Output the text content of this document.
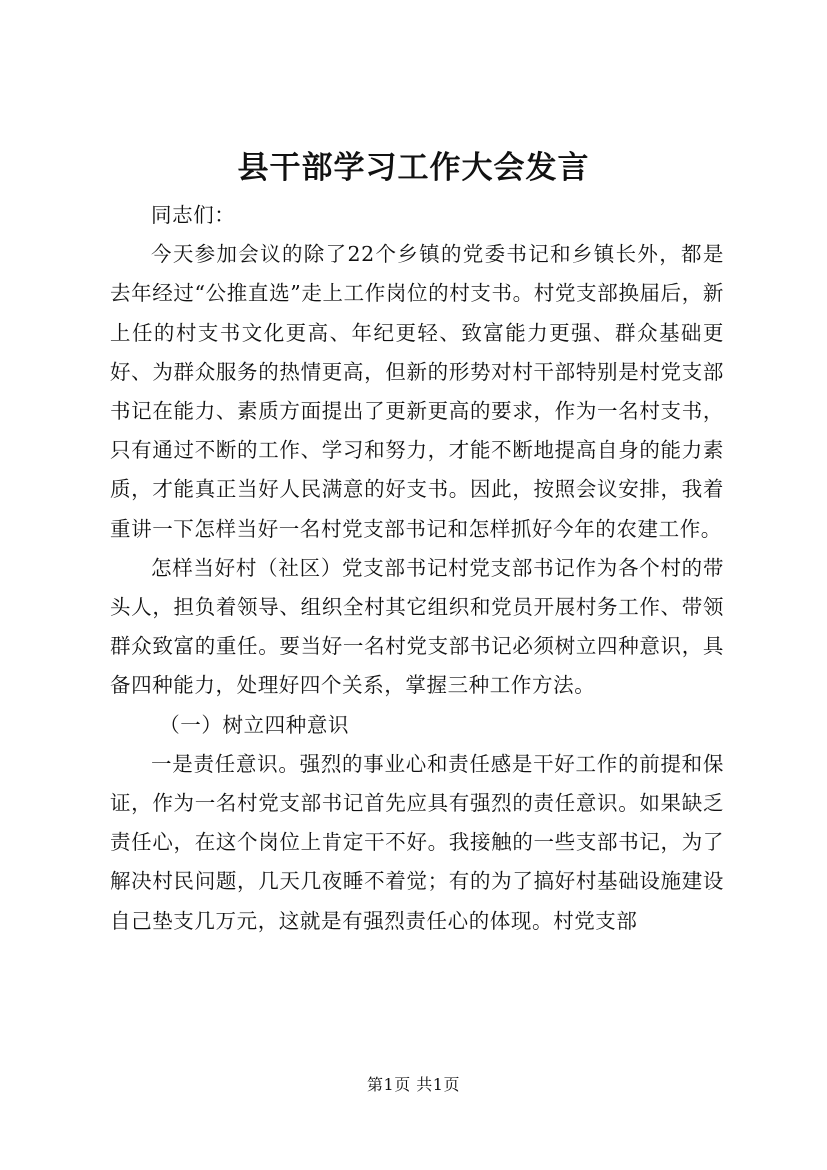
县干部学习工作大会发言

同志们：

今天参加会议的除了22个乡镇的党委书记和乡镇长外，都是去年经过“公推直选”走上工作岗位的村支书。村党支部换届后，新上任的村支书文化更高、年纪更轻、致富能力更强、群众基础更好、为群众服务的热情更高，但新的形势对村干部特别是村党支部书记在能力、素质方面提出了更新更高的要求，作为一名村支书，只有通过不断的工作、学习和努力，才能不断地提高自身的能力素质，才能真正当好人民满意的好支书。因此，按照会议安排，我着重讲一下怎样当好一名村党支部书记和怎样抓好今年的农建工作。

怎样当好村（社区）党支部书记村党支部书记作为各个村的带头人，担负着领导、组织全村其它组织和党员开展村务工作、带领群众致富的重任。要当好一名村党支部书记必须树立四种意识，具备四种能力，处理好四个关系，掌握三种工作方法。

（一）树立四种意识

一是责任意识。强烈的事业心和责任感是干好工作的前提和保证，作为一名村党支部书记首先应具有强烈的责任意识。如果缺乏责任心，在这个岗位上肯定干不好。我接触的一些支部书记，为了解决村民问题，几天几夜睡不着觉；有的为了搞好村基础设施建设自己垫支几万元，这就是有强烈责任心的体现。村党支部

第1页 共1页
